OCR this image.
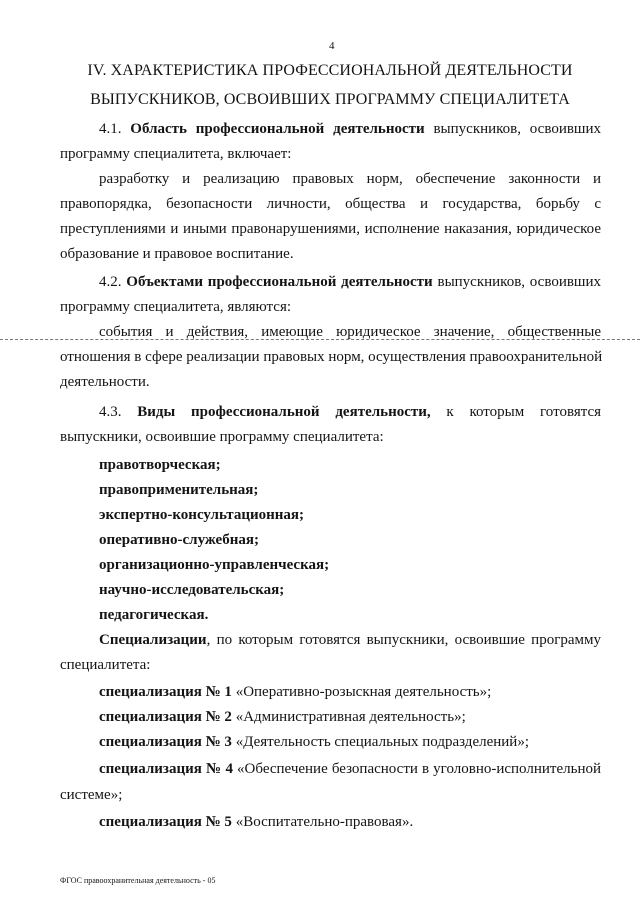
4
IV. ХАРАКТЕРИСТИКА ПРОФЕССИОНАЛЬНОЙ ДЕЯТЕЛЬНОСТИ
ВЫПУСКНИКОВ, ОСВОИВШИХ ПРОГРАММУ СПЕЦИАЛИТЕТА
4.1. Область профессиональной деятельности выпускников, освоивших
программу специалитета, включает:
разработку и реализацию правовых норм, обеспечение законности и
правопорядка, безопасности личности, общества и государства, борьбу с
преступлениями и иными правонарушениями, исполнение наказания, юридическое
образование и правовое воспитание.
4.2. Объектами профессиональной деятельности выпускников, освоивших
программу специалитета, являются:
события и действия, имеющие юридическое значение, общественные
отношения в сфере реализации правовых норм, осуществления правоохранительной
деятельности.
4.3. Виды профессиональной деятельности, к которым готовятся
выпускники, освоившие программу специалитета:
правотворческая;
правоприменительная;
экспертно-консультационная;
оперативно-служебная;
организационно-управленческая;
научно-исследовательская;
педагогическая.
Специализации, по которым готовятся выпускники, освоившие программу
специалитета:
специализация № 1 «Оперативно-розыскная деятельность»;
специализация № 2 «Административная деятельность»;
специализация № 3 «Деятельность специальных подразделений»;
специализация № 4 «Обеспечение безопасности в уголовно-исполнительной
системе»;
специализация № 5 «Воспитательно-правовая».
ФГОС правоохранительная деятельность - 05
